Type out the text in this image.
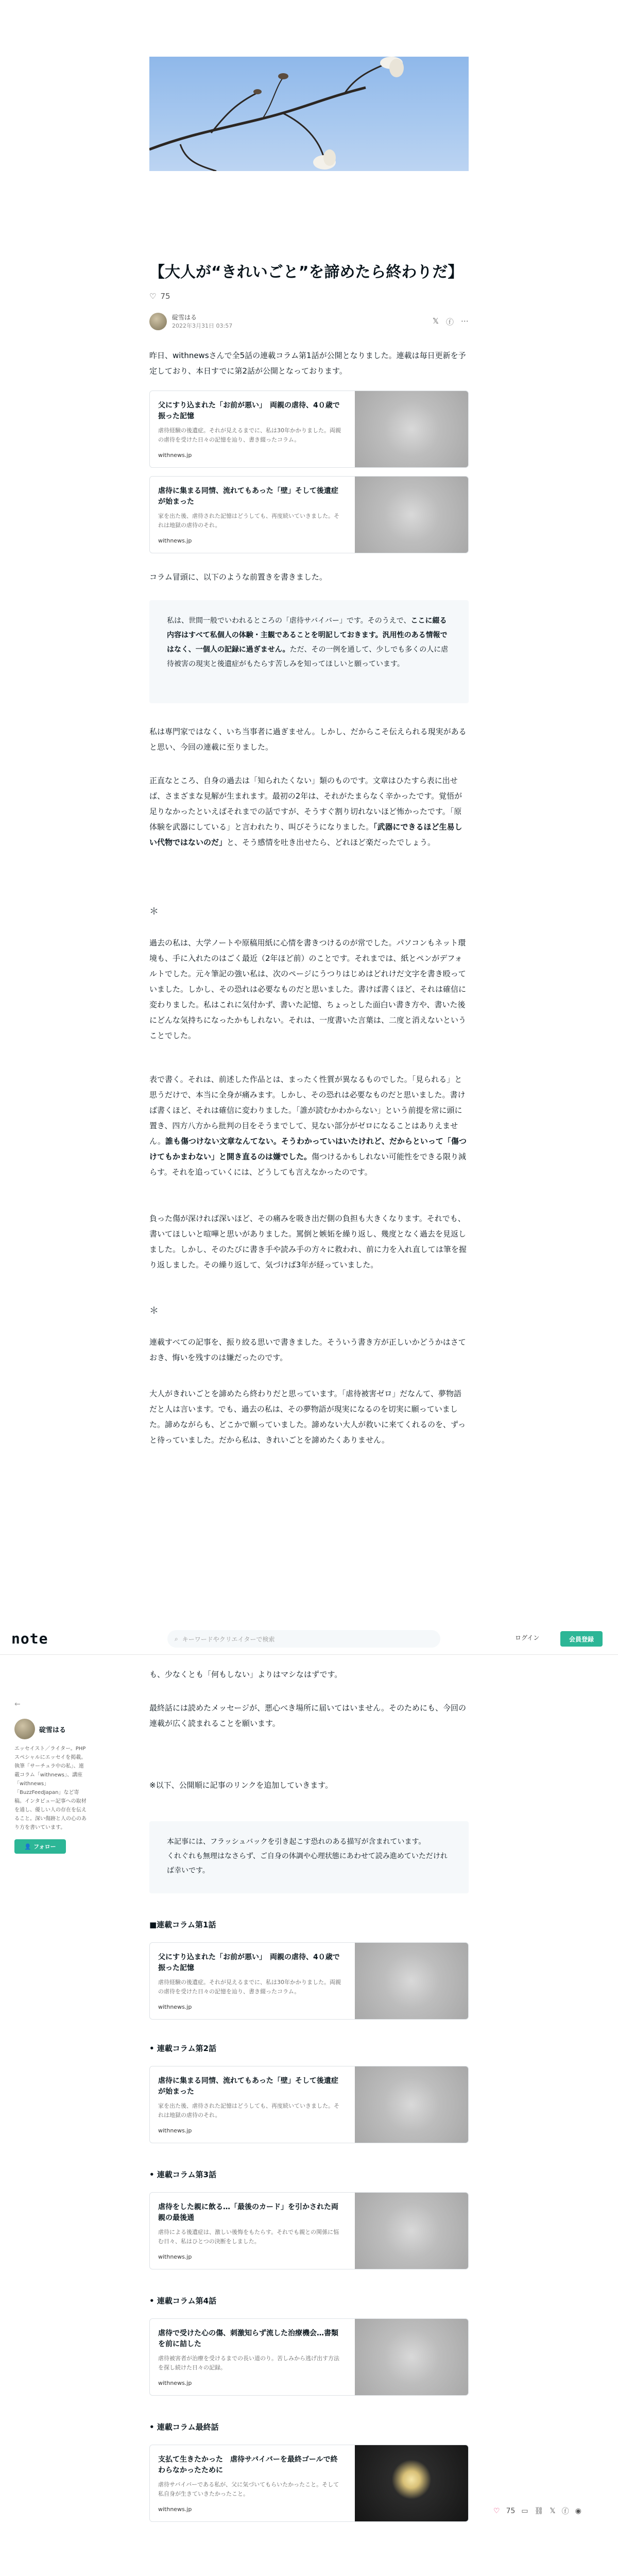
【大人が“きれいごと”を諦めたら終わりだ】
♡ 75
碇雪はる
2022年3月31日 03:57
𝕏 ⓕ ⋯
昨日、withnewsさんで全5話の連載コラム第1話が公開となりました。連載は毎日更新を予定しており、本日すでに第2話が公開となっております。
父にすり込まれた「お前が悪い」　両親の虐待、4０歳で振った記憶
虐待経験の後遺症。それが見えるまでに、私は30年かかりました。両親の虐待を受けた日々の記憶を辿り、書き綴ったコラム。
withnews.jp
虐待に集まる同情、流れてもあった「壁」そして後遺症が始まった
家を出た後、虐待された記憶はどうしても、再度続いていきました。それは地獄の虐待のそれ。
withnews.jp
コラム冒頭に、以下のような前置きを書きました。
私は、世間一般でいわれるところの「虐待サバイバー」です。そのうえで、ここに綴る内容はすべて私個人の体験・主観であることを明記しておきます。汎用性のある情報ではなく、一個人の記録に過ぎません。ただ、その一例を通して、少しでも多くの人に虐待被害の現実と後遺症がもたらす苦しみを知ってほしいと願っています。
私は専門家ではなく、いち当事者に過ぎません。しかし、だからこそ伝えられる現実があると思い、今回の連載に至りました。
正直なところ、自身の過去は「知られたくない」類のものです。文章はひたすら表に出せば、さまざまな見解が生まれます。最初の2年は、それがたまらなく辛かったです。覚悟が足りなかったといえばそれまでの話ですが、そうすぐ割り切れないほど怖かったです。「原体験を武器にしている」と言われたり、叫びそうになりました。「武器にできるほど生易しい代物ではないのだ」と、そう感情を吐き出せたら、どれほど楽だったでしょう。
＊
過去の私は、大学ノートや原稿用紙に心情を書きつけるのが常でした。パソコンもネット環境も、手に入れたのはごく最近（2年ほど前）のことです。それまでは、紙とペンがデフォルトでした。元々筆記の強い私は、次のページにうつりはじめはどれけだ文字を書き殴っていました。しかし、その恐れは必要なものだと思いました。書けば書くほど、それは確信に変わりました。私はこれに気付かず、書いた記憶、ちょっとした面白い書き方や、書いた後にどんな気持ちになったかもしれない。それは、一度書いた言葉は、二度と消えないということでした。
表で書く。それは、前述した作品とは、まったく性質が異なるものでした。「見られる」と思うだけで、本当に全身が痛みます。しかし、その恐れは必要なものだと思いました。書けば書くほど、それは確信に変わりました。「誰が読むかわからない」という前提を常に頭に置き、四方八方から批判の目をそうまでして、見ない部分がゼロになることはありえません。誰も傷つけない文章なんてない。そうわかっていはいたけれど、だからといって「傷つけてもかまわない」と開き直るのは嫌でした。傷つけるかもしれない可能性をできる限り減らす。それを追っていくには、どうしても言えなかったのです。
負った傷が深ければ深いほど、その痛みを吸き出だ側の負担も大きくなります。それでも、書いてほしいと喧嘩と思いがありました。罵倒と嫉妬を繰り返し、幾度となく過去を見返しました。しかし、そのたびに書き手や読み手の方々に救われ、前に力を入れ直しては筆を握り返しました。その繰り返して、気づけば3年が経っていました。
＊
連載すべての記事を、振り絞る思いで書きました。そういう書き方が正しいかどうかはさておき、悔いを残すのは嫌だったのです。
大人がきれいごとを諦めたら終わりだと思っています。「虐待被害ゼロ」だなんて、夢物語だと人は言います。でも、過去の私は、その夢物語が現実になるのを切実に願っていました。諦めながらも、どこかで願っていました。諦めない大人が救いに来てくれるのを、ずっと待っていました。だから私は、きれいごとを諦めたくありません。
note	⌕ キーワードやクリエイターで検索	ログイン	会員登録
←
碇雪はる
エッセイスト／ライター。PHPスペシャルにエッセイを掲載。執筆「サーチュラ中の私」、連載コラム「withnews」、講座「withnews」「BuzzFeedJapan」など寄稿。インタビュー記事への取材を通し、優しい人の存在を伝えること。深い傷跡と人の心のあり方を書いています。
👤 フォロー
も、少なくとも「何もしない」よりはマシなはずです。
最終話には読めたメッセージが、悪心べき場所に届いてはいません。そのためにも、今回の連載が広く読まれることを願います。
※以下、公開順に記事のリンクを追加していきます。
本記事には、フラッシュバックを引き起こす恐れのある描写が含まれています。
くれぐれも無理はなさらず、ご自身の体調や心理状態にあわせて読み進めていただければ幸いです。
■連載コラム第1話
父にすり込まれた「お前が悪い」　両親の虐待、4０歳で振った記憶
虐待経験の後遺症。それが見えるまでに、私は30年かかりました。両親の虐待を受けた日々の記憶を辿り、書き綴ったコラム。
withnews.jp
• 連載コラム第2話
虐待に集まる同情、流れてもあった「壁」そして後遺症が始まった
家を出た後、虐待された記憶はどうしても、再度続いていきました。それは地獄の虐待のそれ。
withnews.jp
• 連載コラム第3話
虐待をした親に飲る…「最後のカード」を引かされた両親の最後通
虐待による後遺症は、激しい後悔をもたらす。それでも親との関係に悩む日々、私はひとつの決断をしました。
withnews.jp
• 連載コラム第4話
虐待で受けた心の傷、刺激知らず流した治療機会…書類を前に詰した
虐待被害者が治療を受けるまでの長い道のり。苦しみから逃げ出す方法を探し続けた日々の記録。
withnews.jp
• 連載コラム最終話
支払て生きたかった　虐待サバイバーを最終ゴールで終わらなかったために
虐待サバイバーである私が、父に気づいてもらいたかったこと。そして私自身が生きていきたかったこと。
withnews.jp	♡ 75 ▭ ⛓ 𝕏 ⓕ ◉
